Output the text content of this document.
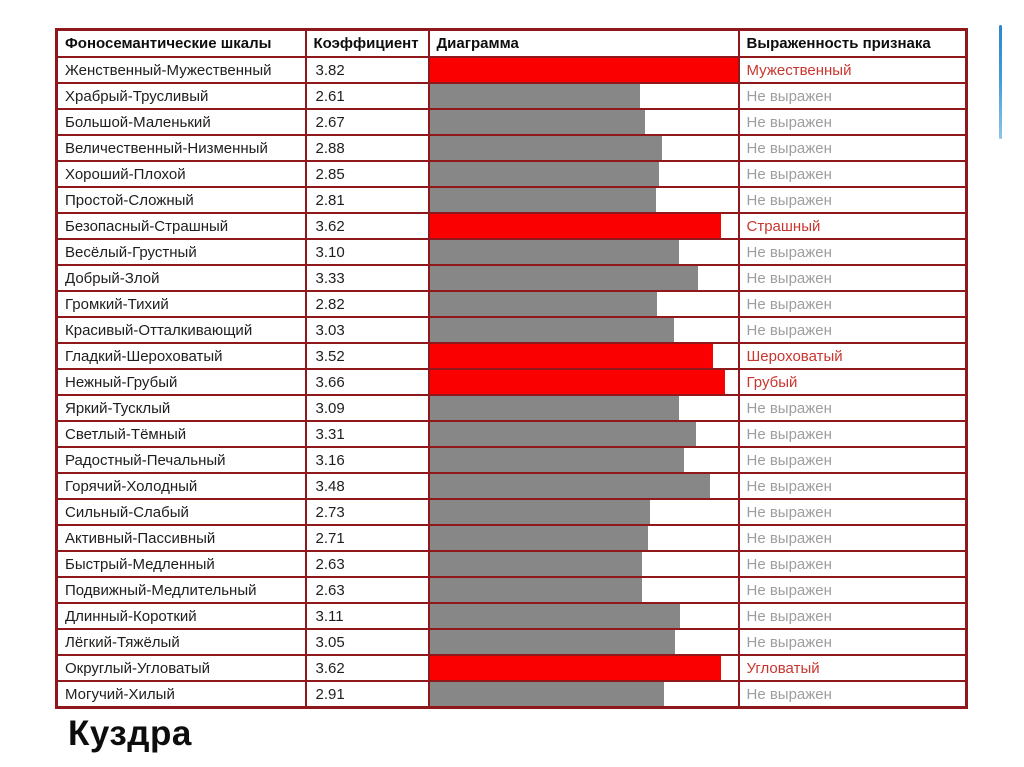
Фоносемантические шкалы	Коэффициент	Диаграмма	Выраженность признака
Женственный-Мужественный	3.82		Мужественный
Храбрый-Трусливый	2.61		Не выражен
Большой-Маленький	2.67		Не выражен
Величественный-Низменный	2.88		Не выражен
Хороший-Плохой	2.85		Не выражен
Простой-Сложный	2.81		Не выражен
Безопасный-Страшный	3.62		Страшный
Весёлый-Грустный	3.10		Не выражен
Добрый-Злой	3.33		Не выражен
Громкий-Тихий	2.82		Не выражен
Красивый-Отталкивающий	3.03		Не выражен
Гладкий-Шероховатый	3.52		Шероховатый
Нежный-Грубый	3.66		Грубый
Яркий-Тусклый	3.09		Не выражен
Светлый-Тёмный	3.31		Не выражен
Радостный-Печальный	3.16		Не выражен
Горячий-Холодный	3.48		Не выражен
Сильный-Слабый	2.73		Не выражен
Активный-Пассивный	2.71		Не выражен
Быстрый-Медленный	2.63		Не выражен
Подвижный-Медлительный	2.63		Не выражен
Длинный-Короткий	3.11		Не выражен
Лёгкий-Тяжёлый	3.05		Не выражен
Округлый-Угловатый	3.62		Угловатый
Могучий-Хилый	2.91		Не выражен
Куздра
